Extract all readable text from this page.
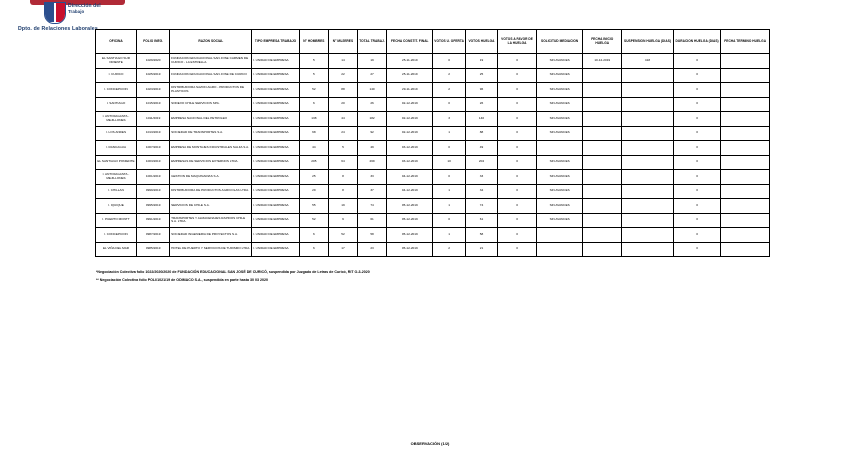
Dirección del
Trabajo
Dpto. de Relaciones Laborales.
OFICINA	FOLIO INEG.	RAZON SOCIAL	TIPO EMPRESA TRABAJO	N° HOMBRES	N° MUJERES	TOTAL TRABAJ.	FECHA CONSTIT. FINAL	VOTOS U. OFERTA	VOTOS HUELGA	VOTOS A FAVOR DE LA HUELGA	SOLICITUD MEDIACION	FECHA INICIO HUELGA	SUSPENSION HUELGA (DIAS)	DURACION HUELGA (DIAS)	FECHA TERMINO HUELGA
EL SANTIAGO SUR ORIENTE	1029/2020	FUNDACION EDUCACIONAL SAN JOSE CARMEN DE CURICO - LA ESTRELLA.	I. UNIDAD DE EMPRESA	5	14	19	25-11-2019	0	19	0	SIN AVANCES	10-12-2019	418	0	
I. CURICO	1025/2019	FUNDACION EDUCACIONAL SAN JOSE DE CURICO	I. UNIDAD DE EMPRESA	5	22	27	25-11-2019	2	25	0	SIN AVANCES			0	
I. CONCEPCION	1023/2019	DISTRIBUIDORA SAZON AGRO - PRODUCTOS DE PLASTICOS	I. UNIDAD DE EMPRESA	52	88	140	29-11-2019	2	96	0	SIN AVANCES			0	
I. SANTIAGO	1015/2019	SODEXO CHILE SERVICIOS SPA.	I. UNIDAD DE EMPRESA	6	20	26	02-12-2019	0	26	0	SIN AVANCES			0	
I. ANTOFAGASTA - MEJILLONES	1011/2019	EMPRESA NACIONAL DEL PETROLEO	I. UNIDAD DE EMPRESA	138	44	182	02-12-2019	3	140	0	SIN AVANCES			0	
I. LOS ANDES	1013/2019	SOCIEDAD DE TRANSPORTES S.A.	I. UNIDAD DE EMPRESA	68	24	92	02-12-2019	1	88	0	SIN AVANCES			0	
I. RANCAGUA	1007/2019	EMPRESA DE MONTAJES INDUSTRIALES SALFA S.A.	I. UNIDAD DE EMPRESA	44	5	49	03-12-2019	0	49	0				0	
EL SANTIAGO PONIENTE	1003/2019	EMPRESAS DE SERVICIOS EXTERNOS LTDA.	I. UNIDAD DE EMPRESA	205	64	269	03-12-2019	10	204	0	SIN AVANCES			0	
I. ANTOFAGASTA - MEJILLONES	1001/2019	GESTION DE MAQUINARIAS S.A.	I. UNIDAD DE EMPRESA	25	8	33	04-12-2019	0	33	0	SIN AVANCES			0	
I. CHILLAN	0999/2019	DISTRIBUIDORA DE PRODUCTOS AGRICOLAS LTDA.	I. UNIDAD DE EMPRESA	29	8	37	04-12-2019	1	34	0	SIN AVANCES			0	
I. IQUIQUE	0995/2019	SERVICIOS DE CHILE S.A.	I. UNIDAD DE EMPRESA	55	19	74	05-12-2019	1	74	0	SIN AVANCES			0	
I. PUERTO MONTT	0991/2019	TRANSPORTES Y ALMACENAJES RAPIDOS CHILE S.A. LTDA.	I. UNIDAD DE EMPRESA	52	9	61	05-12-2019	0	61	0	SIN AVANCES			0	
I. CONCEPCION	0987/2019	SOCIEDAD INGENIERIA DE PROYECTOS S.A.	I. UNIDAD DE EMPRESA	6	52	58	05-12-2019	1	58	0				0	
EL VIÑA DEL MAR	0985/2019	HOTEL DE PUERTO Y SERVICIOS DE TURISMO LTDA.	I. UNIDAD DE EMPRESA	6	17	23	05-12-2019	2	21	0				0	
*Negociación Colectiva folio 1022/2020/2020 de FUNDACIÓN EDUCACIONAL SAN JOSÉ DE CURICÓ, suspendida por Juzgado de Letras de Curicó, RIT O-3-2020
** Negociación Colectiva folio POLI/1021/19 de ODIMACO S.A., suspendida en parte hasta 30 03 2020
OBSERVACIÓN (1/2)
